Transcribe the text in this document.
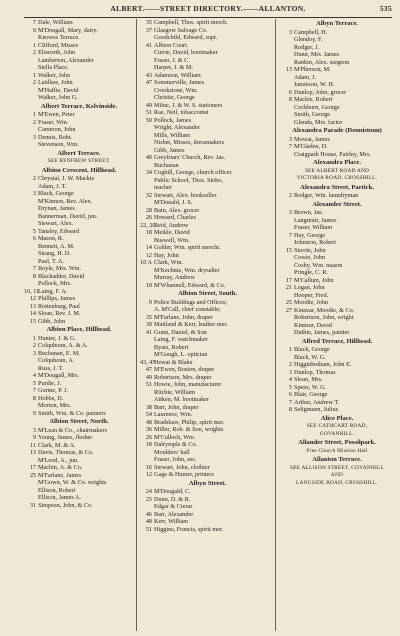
ALBERT.——STREET DIRECTORY.——ALLANTON.	535
7 Dale, William
9 M'Dougall, Mary, dairy.
Knowes Terrace.
1 Clifford, Misses
2 Elsworth, John
Lamberton, Alexander
Stella Place.
1 Walker, John
2 Laidlaw, John
M'Haffie, David
Walker, John G.
Albert Terrace, Kelvinside.
1 M'Ewen, Peter
2 Fraser, Wm.
Cameron, John
3 Dennis, Robt.
Stevenson, Wm.
Albert Terrace.
SEE RENFREW STREET.
Albion Crescent, Hillhead.
2 Chrystal, J. W. Mackie
Adam, J. T.
3 Black, George
M'Kinnon, Rev. Alex.
Drynan, James
Bannerman, David, jun.
Stewart, Alex.
5 Tansley, Edward
6 Mason, R.
Bennett, A. M.
Strang, H. D.
Paul, T. A.
7 Boyle, Mrs. Wm.
8 Blackadder, David
Pollock, Mrs.
10, 11Laing, F. A.
12 Phillips, James
13 Rottenburg, Paul
14 Sloan, Rev. J. M.
15 Gibb, John
Albion Place, Hillhead.
1 Hunter, J. & G.
2 Colquhoun, A. & A.
3 Buchanan, E. M.
Colquhoun, A.
Russ, J. T.
4 M'Dougall, Mrs.
5 Purdie, J.
7 Gorme, P. J.
8 Hobbs, D.
Morton, Mrs.
9 Smith, Wm. & Co. painters
Albion Street, North.
3 M'Lean & Co., chairmakers
9 Young, James, flesher
11 Clark, M. & A.
13 Davis, Thomas, & Co.
M'Leod, A., jun.
17 Machin, A. & Co.
25 M'Farlane, James
M'Gown, W. & Co. wrights
Ellison, Robert
Ellison, James A.
31 Simpson, John, & Co.
35 Campbell, Thos. spirit merch.
37 Glasgow Salvage Co.
Goodchild, Edward, supt.
41 Albion Court.
Currie, David, bootmaker
Fraser, J. & C.
Harper, J. & M.
43 Adamson, William
47 Sommerville, James
Crookstone, Wm.
Christie, George
49 Milne, J. & W. S. stationers
51 Rae, Neil, tobacconist
50 Pollock, James
Wright, Alexander
Mills, William
Nisbet, Misses, dressmakers
Gibb, James
40 Greyfriars' Church, Rev. Jas.
Buchanan
34 Coghill, George, church officer
Public School, Thos. Stobo,
teacher
32 Stewart, Alex. bookseller
M'Donald, J. S.
28 Bain, Alex. grocer
26 Howard, Charles
22, 20Reid, Andrew
18 Meikle, David
Buswell, Wm.
14 Golder, Wm. spirit mercht.
12 Hay, John
10 A Clark, Wm.
M'Kechnie, Wm. drysalter
Murray, Andrew
10 M'Whannell, Edward, & Co.
Albion Street, South.
9 Police Buildings and Offices;
A. M'Call, chief constable;
35 M'Farlane, John, draper
39 Maitland & Kerr, leather mer.
41 Grant, Daniel, & Son
Laing, F. watchmaker
Byars, Robert
M'Gough, L. optician
43, 45Hewat & Blake
47 M'Ewen, Boston, draper
49 Robertson, Mrs. draper
51 Howie, John, manufacturer
Ritchie, William
Aitken, M. bootmaker
38 Barr, John, draper
54 Laurence, Wm.
48 Bradshaw, Philip, spirit mer.
36 Miller, Rob. & Son, wrights
26 M'Culloch, Wm.
18 Dalrymple & Co.
Moulders' hall
Fraser, John, sec.
16 Stewart, John, clothier
12 Gage & Hunter, printers
Albyn Street.
24 M'Dougald, C.
25 Dunn, D. & R.
Edgar & Crerar
46 Barr, Alexander
48 Kerr, William
51 Higgins, Francis, spirit mer.
Albyn Terrace.
3 Campbell, H.
Glendoy, F.
Rodger, J.
Dunn, Mrs. James
Rankin, Alex. surgeon
13 M'Pherson, M.
Adam, J.
Jamieson, W. H.
6 Dunlop, John, grocer
8 Mackie, Robert
Cockburn, George
Smith, George
Glenda, Mrs. factor
Alexandra Parade (Dennistoun)
3 Mowat, James
7 M'Gladen, D.
Craigpark House, Fairley, Mrs.
Alexandra Place.
SEE ALBERT ROAD AND
VICTORIA ROAD, CROSSHILL.
Alexandra Street, Partick.
2 Rodger, Wm. laundryman
Alexander Street.
3 Brown, Jas.
Langmuir, James
Fraser, William
7 Hay, George
Johnston, Robert
15 Storrie, John
Cowie, John
Cosby, Wm. mason
Pringle, C. R.
17 M'Callum, John
21 Logan, John
Hooper, Fred.
25 Moodie, John
27 Kinnear, Moodie, & Co.
Robertson, John, wright
Kinnear, David
Duthie, James, painter
Alfred Terrace, Hillhead.
1 Black, George
Black, W. G.
2 Higginbotham, John E.
3 Dunlop, Thomas
4 Sloan, Mrs.
5 Spens, W. G.
6 Blair, George
7 Arthur, Andrew T.
8 Seligmann, Julius
Alice Place.
SEE CATHCART ROAD,
GOVANHILL.
Allander Street, Possilpark.
Free Church Mission Hall
Allanton Terrace.
SEE ALLISON STREET, GOVANHILL
AND
LANGSIDE ROAD, CROSSHILL.
